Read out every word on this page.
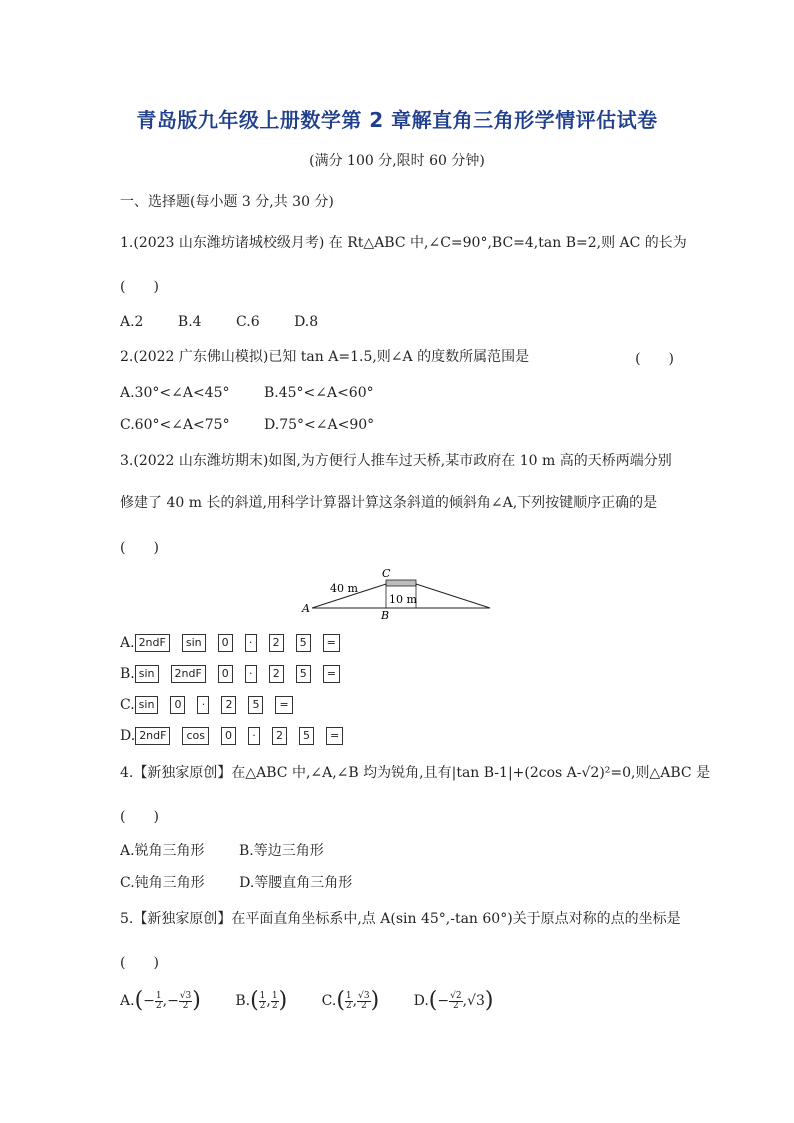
青岛版九年级上册数学第 2 章解直角三角形学情评估试卷
(满分 100 分,限时 60 分钟)
一、选择题(每小题 3 分,共 30 分)
1.(2023 山东潍坊诸城校级月考) 在 Rt△ABC 中,∠C=90°,BC=4,tan B=2,则 AC 的长为
(　　)
A.2 B.4 C.6 D.8
2.(2022 广东佛山模拟)已知 tan A=1.5,则∠A 的度数所属范围是	(　　)
A.30°<∠A<45° B.45°<∠A<60°
C.60°<∠A<75° D.75°<∠A<90°
3.(2022 山东潍坊期末)如图,为方便行人推车过天桥,某市政府在 10 m 高的天桥两端分别
修建了 40 m 长的斜道,用科学计算器计算这条斜道的倾斜角∠A,下列按键顺序正确的是
(　　)
A
B
C
40 m
10 m
A. 2ndF	sin	0	·	2	5	=
B. sin	2ndF	0	·	2	5	=
C. sin	0	·	2	5	=
D. 2ndF	cos	0	·	2	5	=
4.【新独家原创】在△ABC 中,∠A,∠B 均为锐角,且有|tan B-1|+(2cos A-√2)²=0,则△ABC 是
(　　)
A.锐角三角形 B.等边三角形
C.钝角三角形 D.等腰直角三角形
5.【新独家原创】在平面直角坐标系中,点 A(sin 45°,-tan 60°)关于原点对称的点的坐标是
(　　)
$A.(- \frac{1}{2}$ ,− $\frac{√3}{2}$ ) $B.( \frac{1}{2}$ , $\frac{1}{2}$ ) $C.( \frac{1}{2}$ , $\frac{√3}{2}$ ) $D.(- \frac{√2}{2} ,√3)$
